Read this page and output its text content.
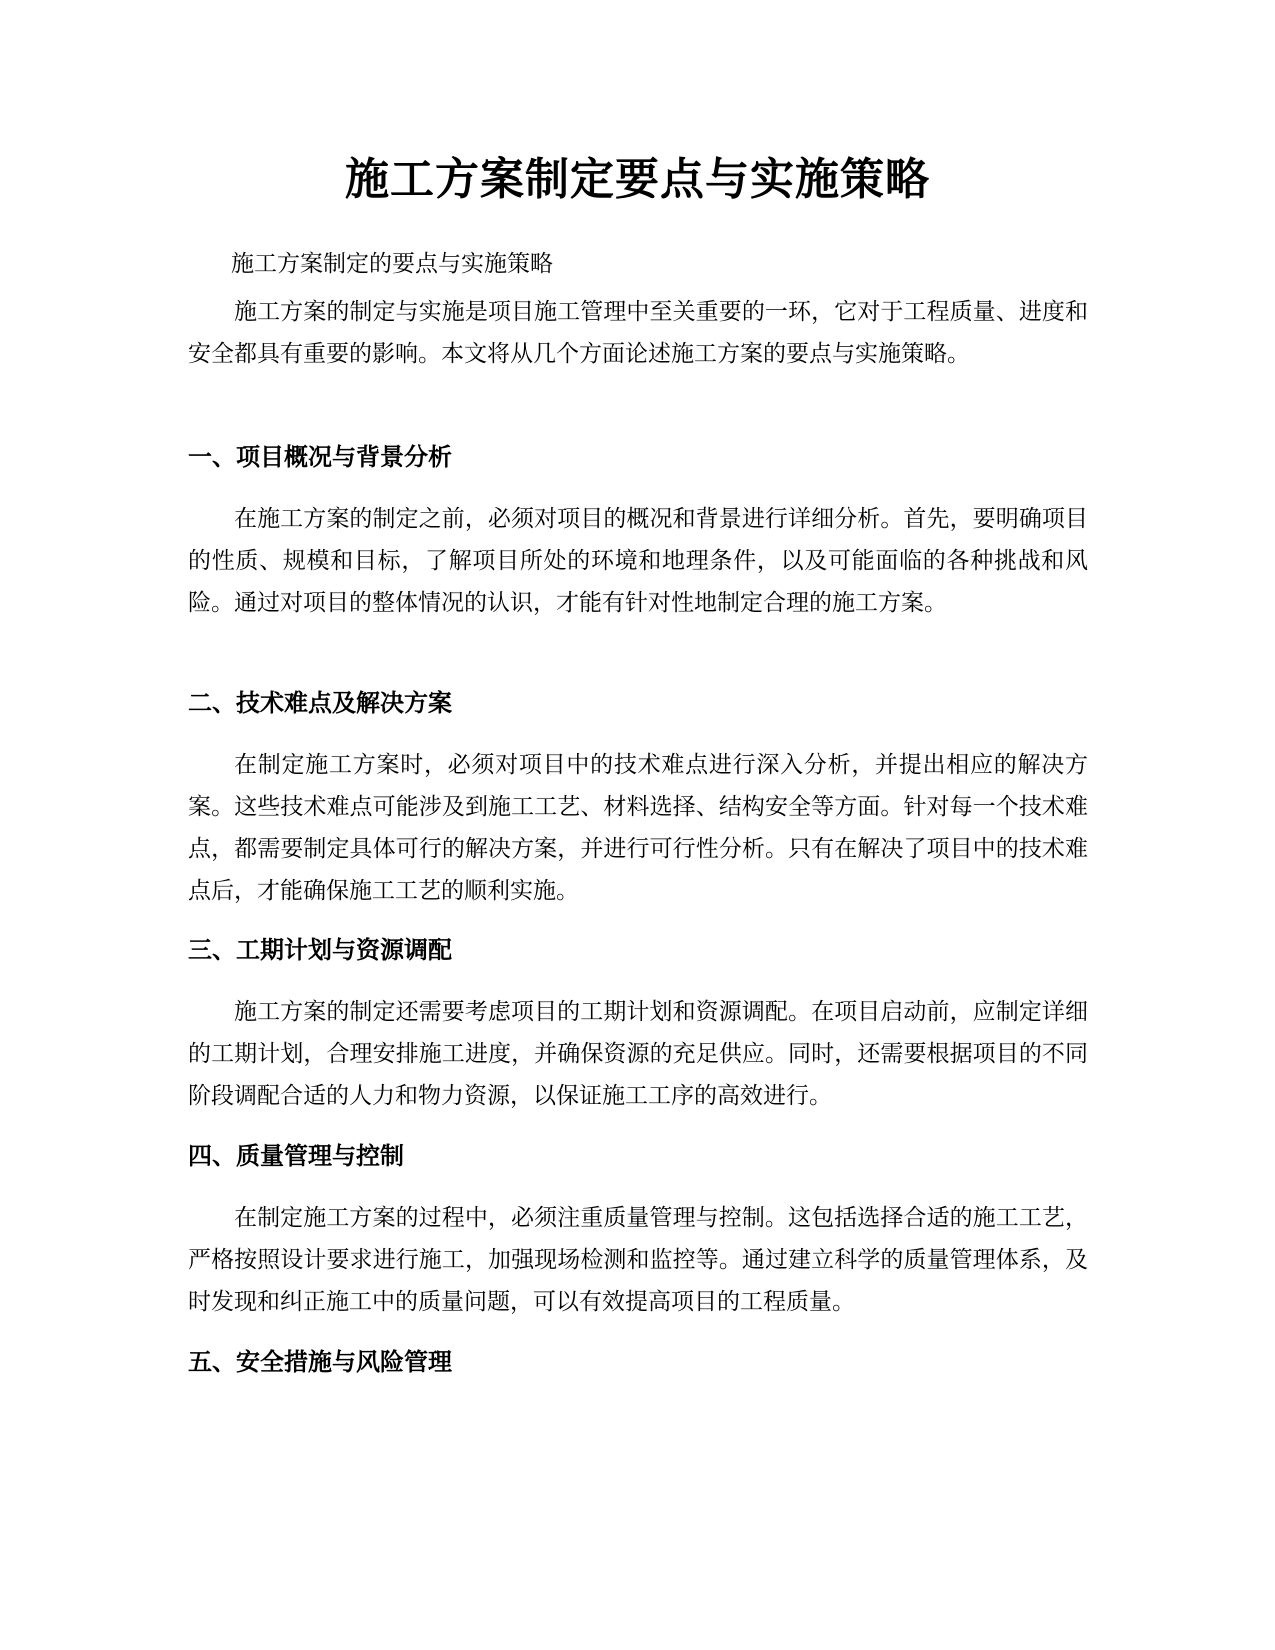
施工方案制定要点与实施策略

施工方案制定的要点与实施策略

施工方案的制定与实施是项目施工管理中至关重要的一环，它对于工程质量、进度和安全都具有重要的影响。本文将从几个方面论述施工方案的要点与实施策略。

一、项目概况与背景分析

在施工方案的制定之前，必须对项目的概况和背景进行详细分析。首先，要明确项目的性质、规模和目标，了解项目所处的环境和地理条件，以及可能面临的各种挑战和风险。通过对项目的整体情况的认识，才能有针对性地制定合理的施工方案。

二、技术难点及解决方案

在制定施工方案时，必须对项目中的技术难点进行深入分析，并提出相应的解决方案。这些技术难点可能涉及到施工工艺、材料选择、结构安全等方面。针对每一个技术难点，都需要制定具体可行的解决方案，并进行可行性分析。只有在解决了项目中的技术难点后，才能确保施工工艺的顺利实施。

三、工期计划与资源调配

施工方案的制定还需要考虑项目的工期计划和资源调配。在项目启动前，应制定详细的工期计划，合理安排施工进度，并确保资源的充足供应。同时，还需要根据项目的不同阶段调配合适的人力和物力资源，以保证施工工序的高效进行。

四、质量管理与控制

在制定施工方案的过程中，必须注重质量管理与控制。这包括选择合适的施工工艺，严格按照设计要求进行施工，加强现场检测和监控等。通过建立科学的质量管理体系，及时发现和纠正施工中的质量问题，可以有效提高项目的工程质量。

五、安全措施与风险管理
